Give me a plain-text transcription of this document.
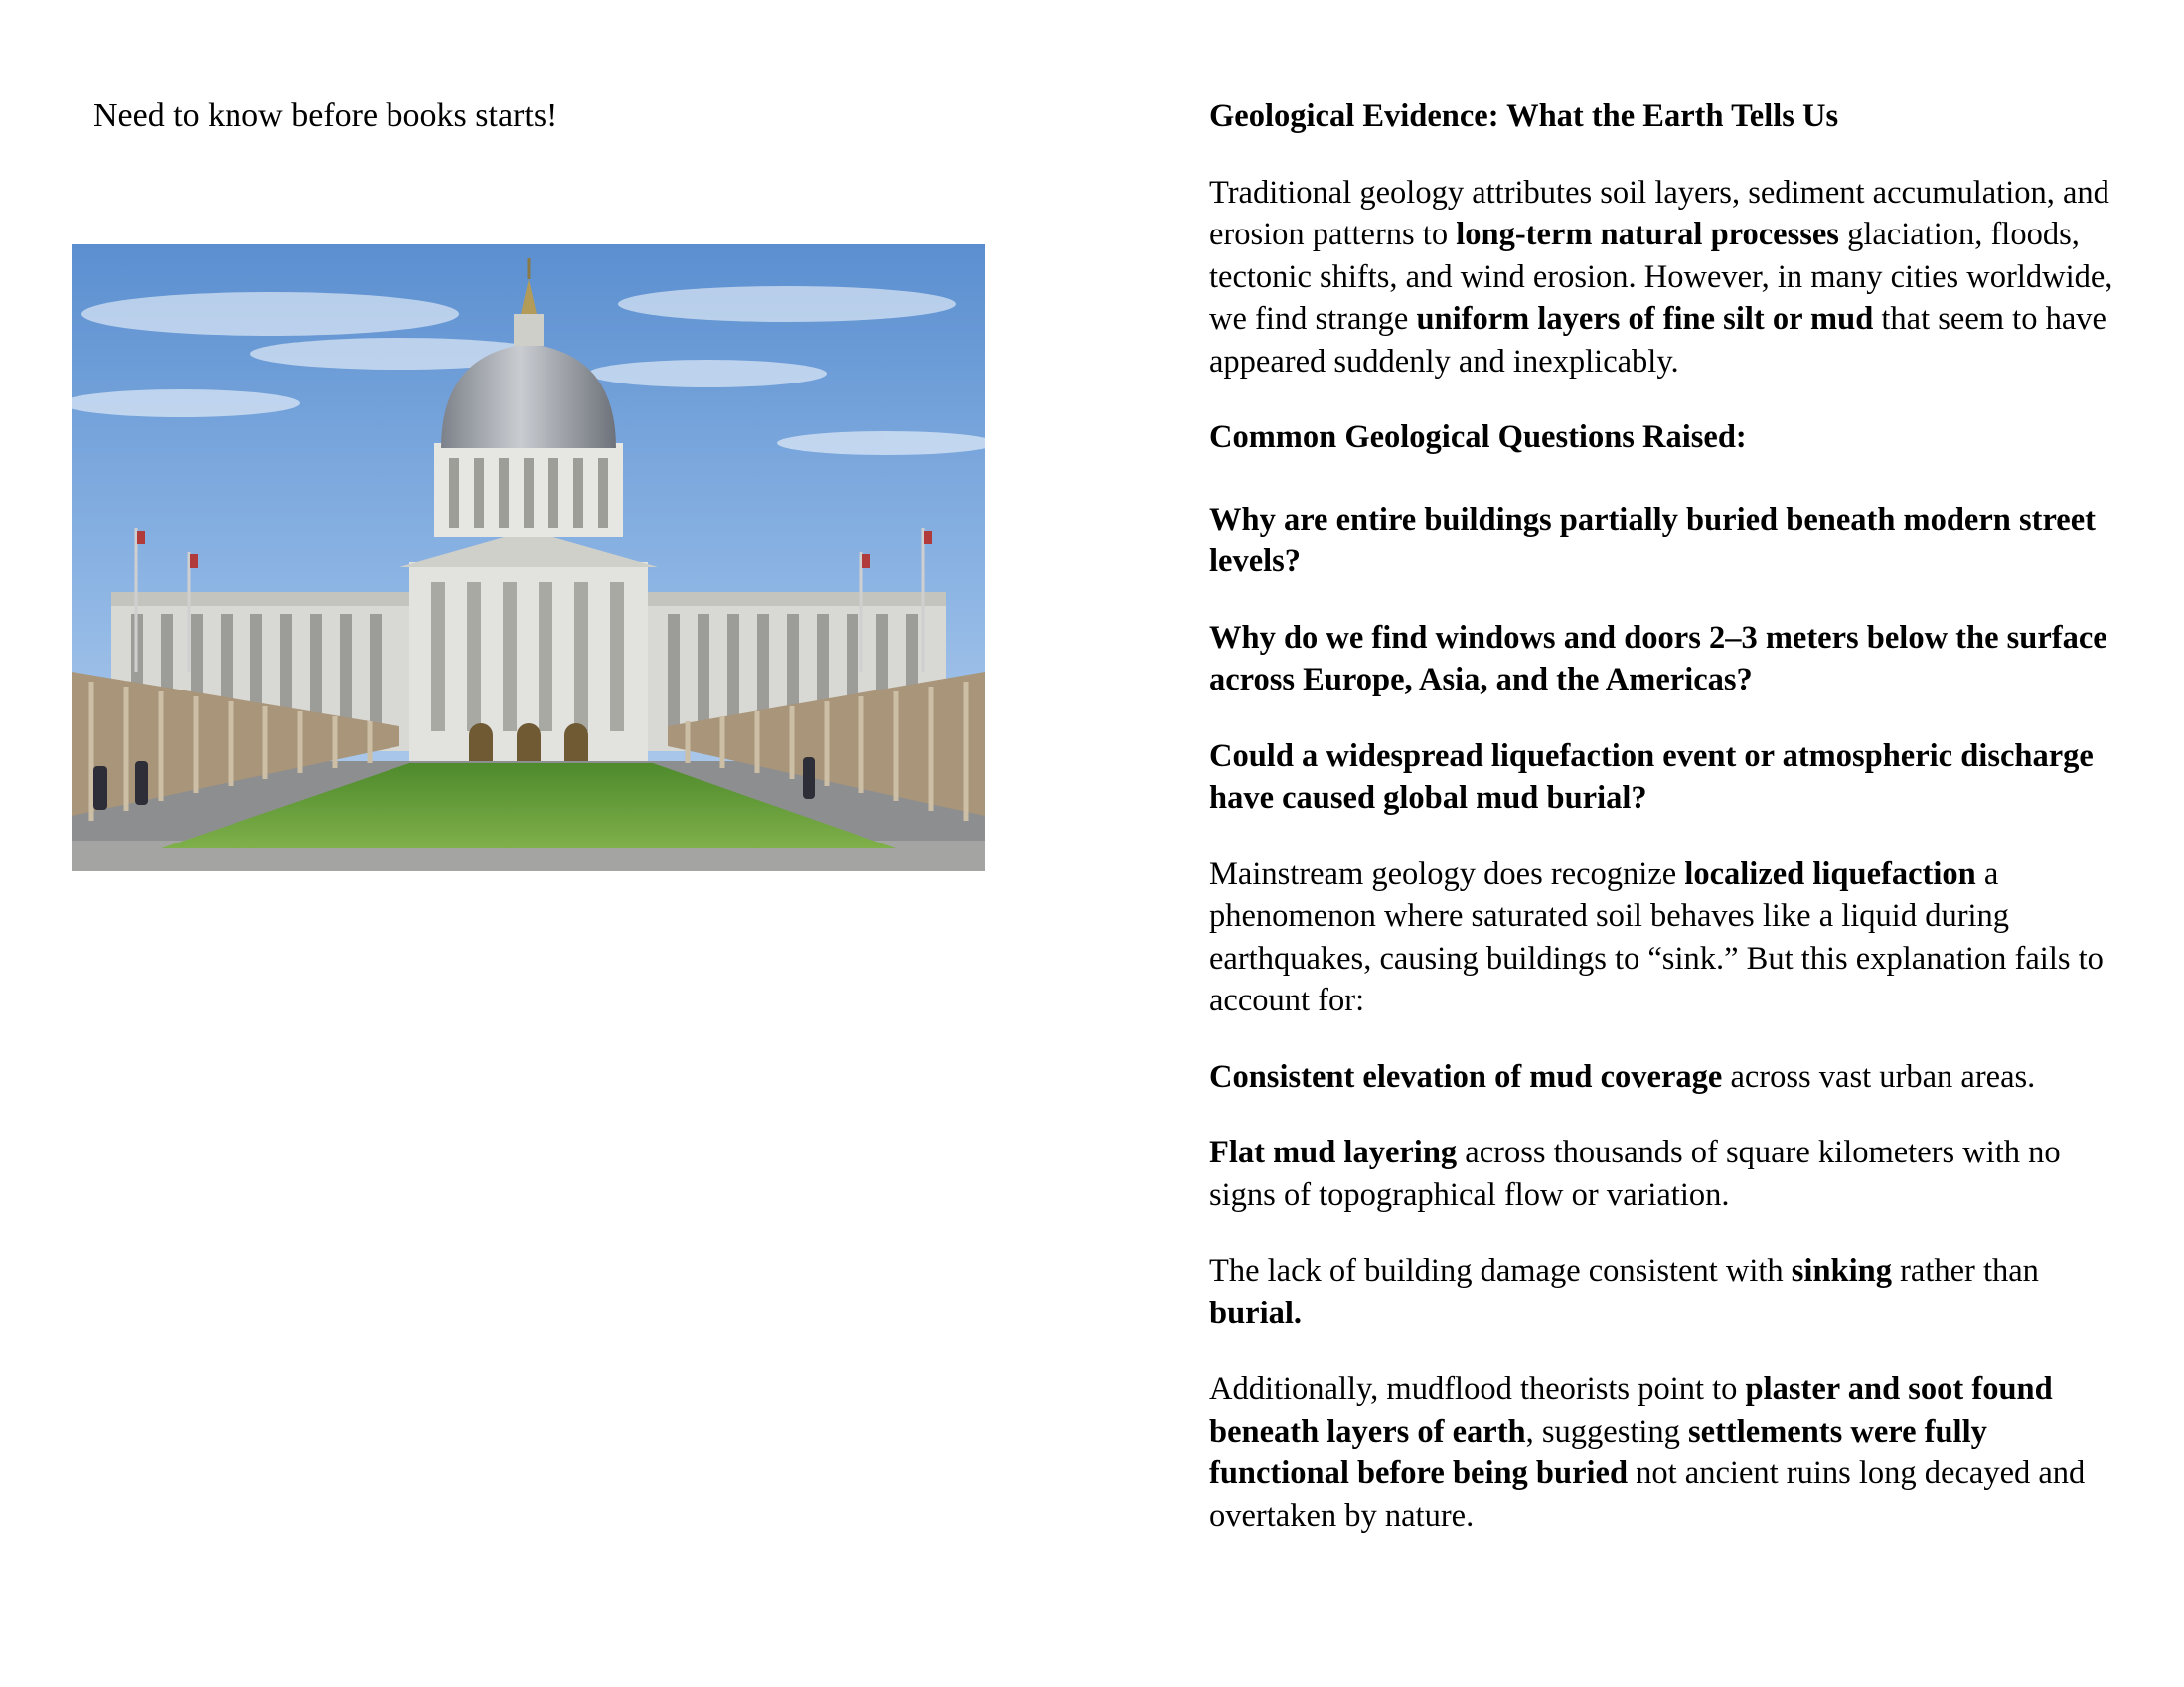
Need to know before books starts!	Geological Evidence: What the Earth Tells Us

Traditional geology attributes soil layers, sediment accumulation, and erosion patterns to long-term natural processes glaciation, floods, tectonic shifts, and wind erosion. However, in many cities worldwide, we find strange uniform layers of fine silt or mud that seem to have appeared suddenly and inexplicably.

Common Geological Questions Raised:

Why are entire buildings partially buried beneath modern street levels?

Why do we find windows and doors 2–3 meters below the surface across Europe, Asia, and the Americas?

Could a widespread liquefaction event or atmospheric discharge have caused global mud burial?

Mainstream geology does recognize localized liquefaction a phenomenon where saturated soil behaves like a liquid during earthquakes, causing buildings to “sink.” But this explanation fails to account for:

Consistent elevation of mud coverage across vast urban areas.

Flat mud layering across thousands of square kilometers with no signs of topographical flow or variation.

The lack of building damage consistent with sinking rather than burial.

Additionally, mudflood theorists point to plaster and soot found beneath layers of earth, suggesting settlements were fully functional before being buried not ancient ruins long decayed and overtaken by nature.
